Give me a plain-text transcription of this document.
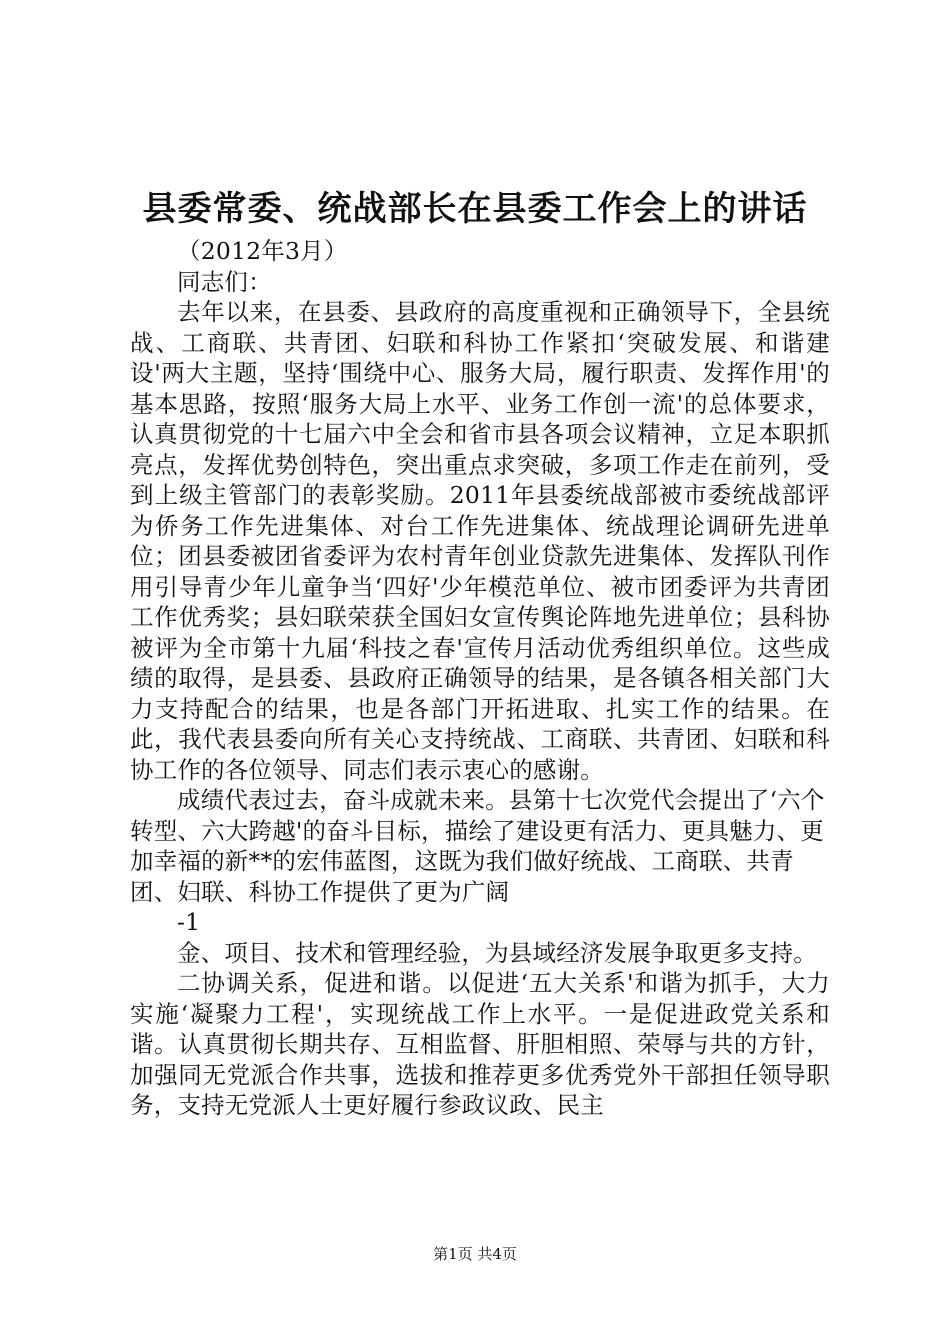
县委常委、统战部长在县委工作会上的讲话

（2012年3月）

同志们：

去年以来，在县委、县政府的高度重视和正确领导下，全县统战、工商联、共青团、妇联和科协工作紧扣‘突破发展、和谐建设'两大主题，坚持‘围绕中心、服务大局，履行职责、发挥作用'的基本思路，按照‘服务大局上水平、业务工作创一流'的总体要求，认真贯彻党的十七届六中全会和省市县各项会议精神，立足本职抓亮点，发挥优势创特色，突出重点求突破，多项工作走在前列，受到上级主管部门的表彰奖励。2011年县委统战部被市委统战部评为侨务工作先进集体、对台工作先进集体、统战理论调研先进单位；团县委被团省委评为农村青年创业贷款先进集体、发挥队刊作用引导青少年儿童争当‘四好'少年模范单位、被市团委评为共青团工作优秀奖；县妇联荣获全国妇女宣传舆论阵地先进单位；县科协被评为全市第十九届‘科技之春'宣传月活动优秀组织单位。这些成绩的取得，是县委、县政府正确领导的结果，是各镇各相关部门大力支持配合的结果，也是各部门开拓进取、扎实工作的结果。在此，我代表县委向所有关心支持统战、工商联、共青团、妇联和科协工作的各位领导、同志们表示衷心的感谢。

成绩代表过去，奋斗成就未来。县第十七次党代会提出了‘六个转型、六大跨越'的奋斗目标，描绘了建设更有活力、更具魅力、更加幸福的新**的宏伟蓝图，这既为我们做好统战、工商联、共青团、妇联、科协工作提供了更为广阔

-1

金、项目、技术和管理经验，为县域经济发展争取更多支持。

二协调关系，促进和谐。以促进‘五大关系'和谐为抓手，大力实施‘凝聚力工程'，实现统战工作上水平。一是促进政党关系和谐。认真贯彻长期共存、互相监督、肝胆相照、荣辱与共的方针，加强同无党派合作共事，选拔和推荐更多优秀党外干部担任领导职务，支持无党派人士更好履行参政议政、民主

第1页 共4页
